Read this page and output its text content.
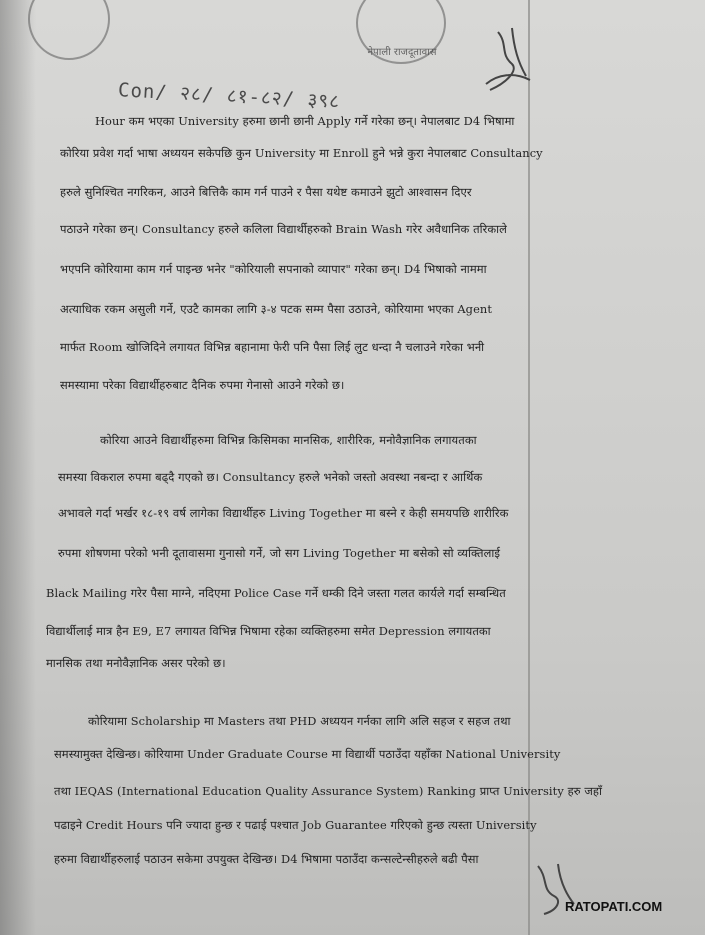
नेपाली राजदूतावास
Con/ २८/ ८१-८२/ ३९८
Hour कम भएका University हरुमा छानी छानी Apply गर्ने गरेका छन्। नेपालबाट D4 भिषामा
कोरिया प्रवेश गर्दा भाषा अध्ययन सकेपछि कुन University मा Enroll हुने भन्ने कुरा नेपालबाट Consultancy
हरुले सुनिश्चित नगरिकन, आउने बित्तिकै काम गर्न पाउने र पैसा यथेष्ट कमाउने झुटो आश्वासन दिएर
पठाउने गरेका छन्। Consultancy हरुले कलिला विद्यार्थीहरुको Brain Wash गरेर अवैधानिक तरिकाले
भएपनि कोरियामा काम गर्न पाइन्छ भनेर "कोरियाली सपनाको व्यापार" गरेका छन्। D4 भिषाको नाममा
अत्याधिक रकम असुली गर्ने, एउटै कामका लागि ३-४ पटक सम्म पैसा उठाउने, कोरियामा भएका Agent
मार्फत Room खोजिदिने लगायत विभिन्न बहानामा फेरी पनि पैसा लिई लुट धन्दा नै चलाउने गरेका भनी
समस्यामा परेका विद्यार्थीहरुबाट दैनिक रुपमा गेनासो आउने गरेको छ।
कोरिया आउने विद्यार्थीहरुमा विभिन्न किसिमका मानसिक, शारीरिक, मनोवैज्ञानिक लगायतका
समस्या विकराल रुपमा बढ्दै गएको छ। Consultancy हरुले भनेको जस्तो अवस्था नबन्दा र आर्थिक
अभावले गर्दा भर्खर १८-१९ वर्ष लागेका विद्यार्थीहरु Living Together मा बस्ने र केही समयपछि शारीरिक
रुपमा शोषणमा परेको भनी दूतावासमा गुनासो गर्ने, जो सग Living Together मा बसेको सो व्यक्तिलाई
Black Mailing गरेर पैसा माग्ने, नदिएमा Police Case गर्ने धम्की दिने जस्ता गलत कार्यले गर्दा सम्बन्धित
विद्यार्थीलाई मात्र हैन E9, E7 लगायत विभिन्न भिषामा रहेका व्यक्तिहरुमा समेत Depression लगायतका
मानसिक तथा मनोवैज्ञानिक असर परेको छ।
कोरियामा Scholarship मा Masters तथा PHD अध्ययन गर्नका लागि अलि सहज र सहज तथा
समस्यामुक्त देखिन्छ। कोरियामा Under Graduate Course मा विद्यार्थी पठाउँदा यहाँका National University
तथा IEQAS (International Education Quality Assurance System) Ranking प्राप्त University हरु जहाँ
पढाइने Credit Hours पनि ज्यादा हुन्छ र पढाई पश्चात Job Guarantee गरिएको हुन्छ त्यस्ता University
हरुमा विद्यार्थीहरुलाई पठाउन सकेमा उपयुक्त देखिन्छ। D4 भिषामा पठाउँदा कन्सल्टेन्सीहरुले बढी पैसा
RATOPATI.COM
